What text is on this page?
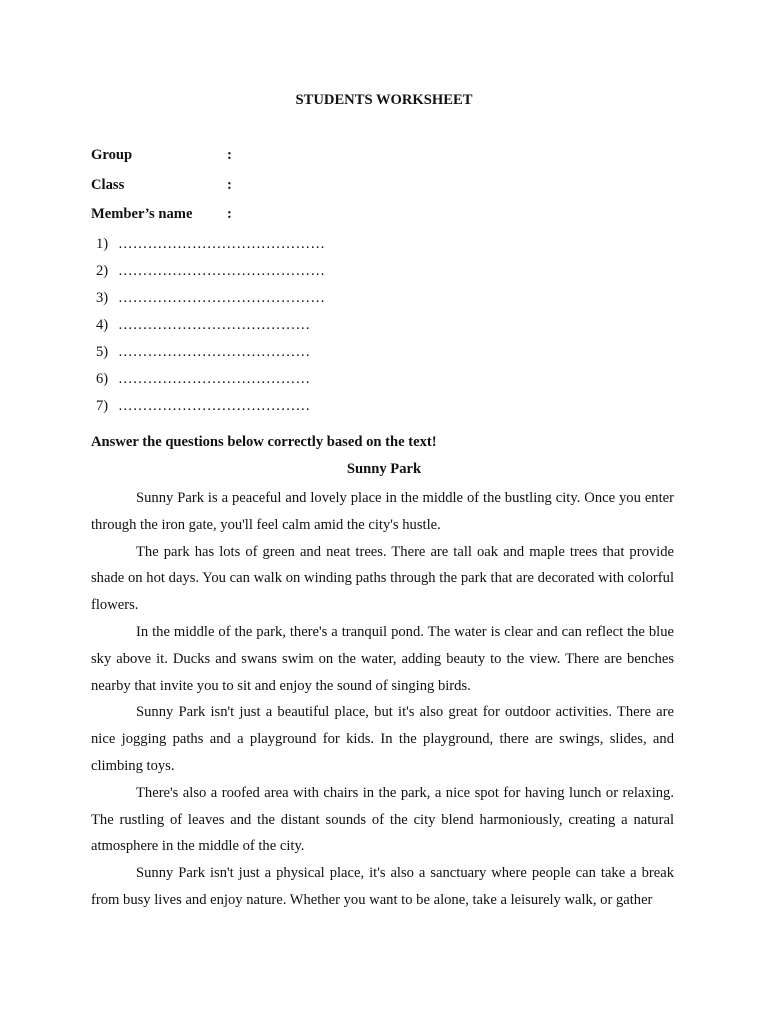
STUDENTS WORKSHEET
Group	:
Class	:
Member’s name :
1) ……………………………………
2) ……………………………………
3) ……………………………………
4) …………………………………
5) …………………………………
6) …………………………………
7) …………………………………
Answer the questions below correctly based on the text!
Sunny Park

Sunny Park is a peaceful and lovely place in the middle of the bustling city. Once you enter through the iron gate, you'll feel calm amid the city's hustle.

The park has lots of green and neat trees. There are tall oak and maple trees that provide shade on hot days. You can walk on winding paths through the park that are decorated with colorful flowers.

In the middle of the park, there's a tranquil pond. The water is clear and can reflect the blue sky above it. Ducks and swans swim on the water, adding beauty to the view. There are benches nearby that invite you to sit and enjoy the sound of singing birds.

Sunny Park isn't just a beautiful place, but it's also great for outdoor activities. There are nice jogging paths and a playground for kids. In the playground, there are swings, slides, and climbing toys.

There's also a roofed area with chairs in the park, a nice spot for having lunch or relaxing. The rustling of leaves and the distant sounds of the city blend harmoniously, creating a natural atmosphere in the middle of the city.

Sunny Park isn't just a physical place, it's also a sanctuary where people can take a break from busy lives and enjoy nature. Whether you want to be alone, take a leisurely walk, or gather
